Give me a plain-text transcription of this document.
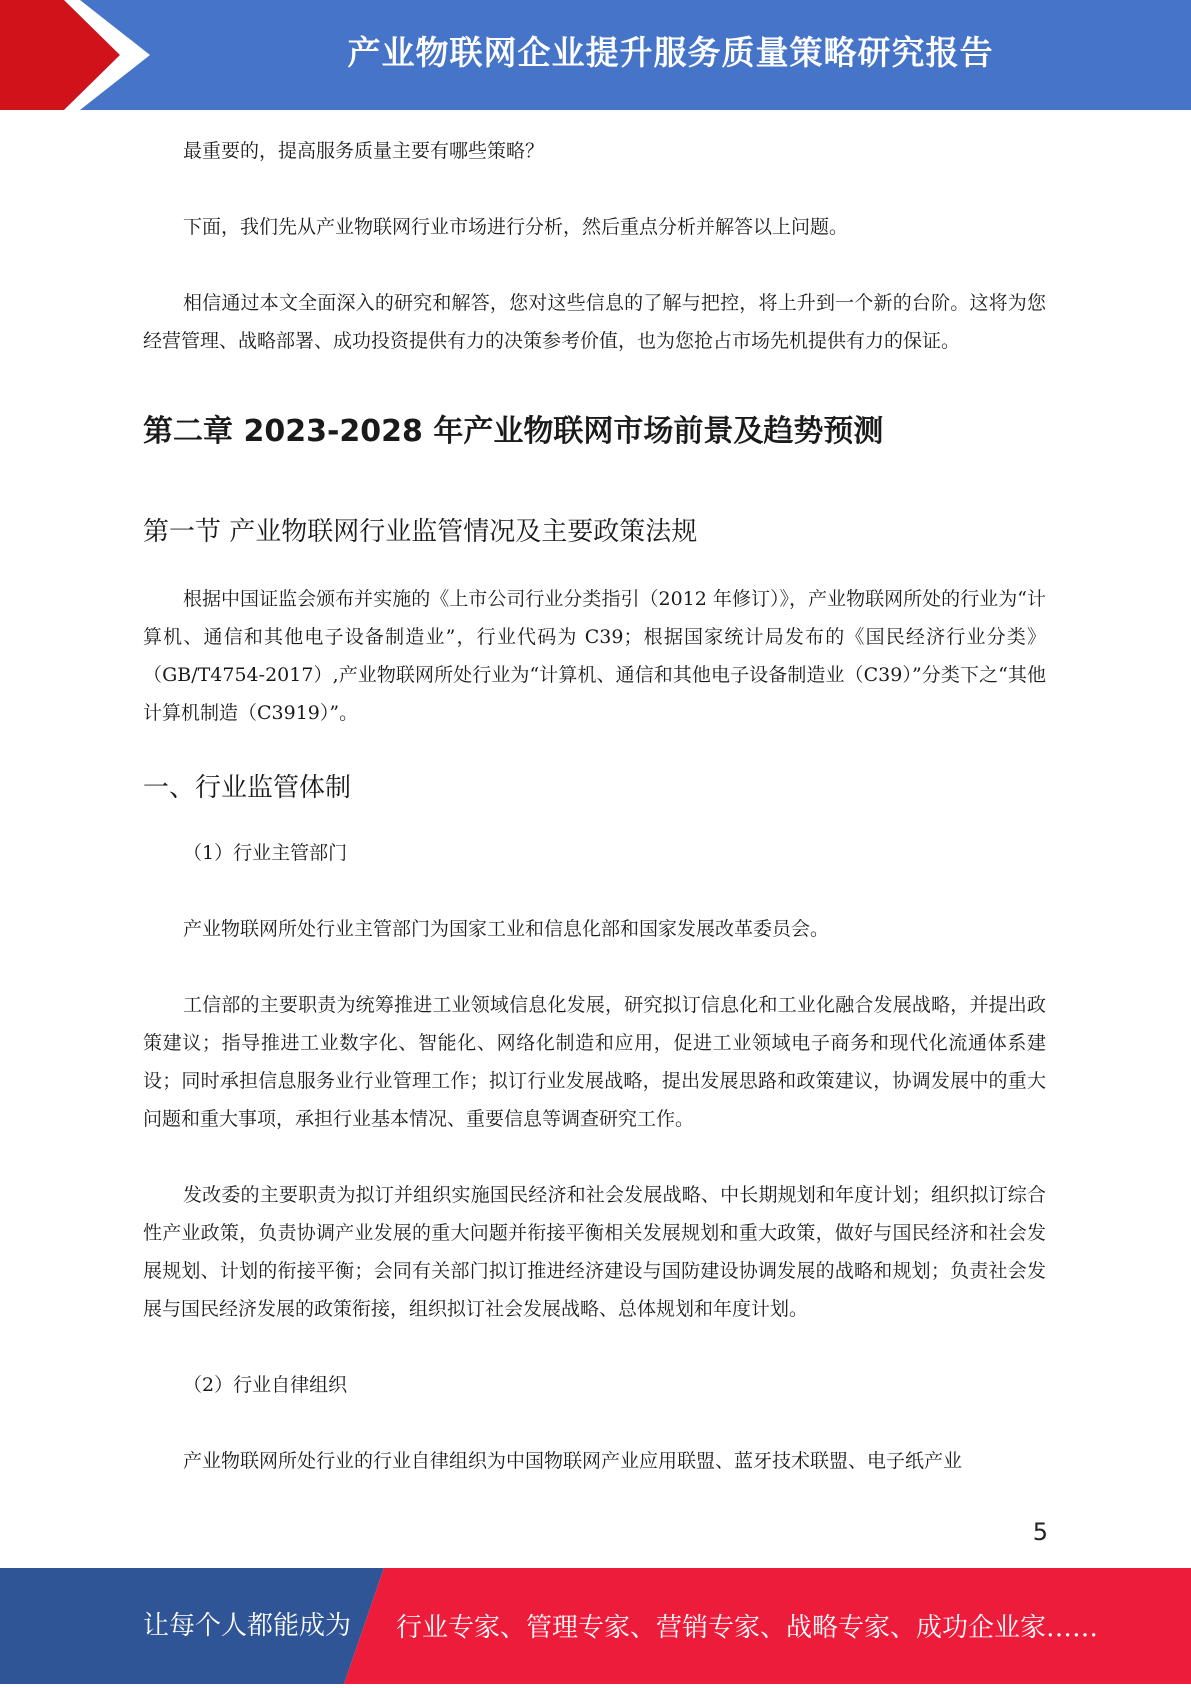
产业物联网企业提升服务质量策略研究报告

最重要的，提高服务质量主要有哪些策略？

下面，我们先从产业物联网行业市场进行分析，然后重点分析并解答以上问题。

相信通过本文全面深入的研究和解答，您对这些信息的了解与把控，将上升到一个新的台阶。这将为您经营管理、战略部署、成功投资提供有力的决策参考价值，也为您抢占市场先机提供有力的保证。

第二章 2023-2028 年产业物联网市场前景及趋势预测
第一节 产业物联网行业监管情况及主要政策法规

根据中国证监会颁布并实施的《上市公司行业分类指引（2012 年修订）》，产业物联网所处的行业为“计算机、通信和其他电子设备制造业”，行业代码为 C39；根据国家统计局发布的《国民经济行业分类》（GB/T4754-2017）,产业物联网所处行业为“计算机、通信和其他电子设备制造业（C39）”分类下之“其他计算机制造（C3919）”。

一、行业监管体制
（1）行业主管部门

产业物联网所处行业主管部门为国家工业和信息化部和国家发展改革委员会。

工信部的主要职责为统筹推进工业领域信息化发展，研究拟订信息化和工业化融合发展战略，并提出政策建议；指导推进工业数字化、智能化、网络化制造和应用，促进工业领域电子商务和现代化流通体系建设；同时承担信息服务业行业管理工作；拟订行业发展战略，提出发展思路和政策建议，协调发展中的重大问题和重大事项，承担行业基本情况、重要信息等调查研究工作。

发改委的主要职责为拟订并组织实施国民经济和社会发展战略、中长期规划和年度计划；组织拟订综合性产业政策，负责协调产业发展的重大问题并衔接平衡相关发展规划和重大政策，做好与国民经济和社会发展规划、计划的衔接平衡；会同有关部门拟订推进经济建设与国防建设协调发展的战略和规划；负责社会发展与国民经济发展的政策衔接，组织拟订社会发展战略、总体规划和年度计划。

（2）行业自律组织

产业物联网所处行业的行业自律组织为中国物联网产业应用联盟、蓝牙技术联盟、电子纸产业

5
让每个人都能成为 行业专家、管理专家、营销专家、战略专家、成功企业家……
